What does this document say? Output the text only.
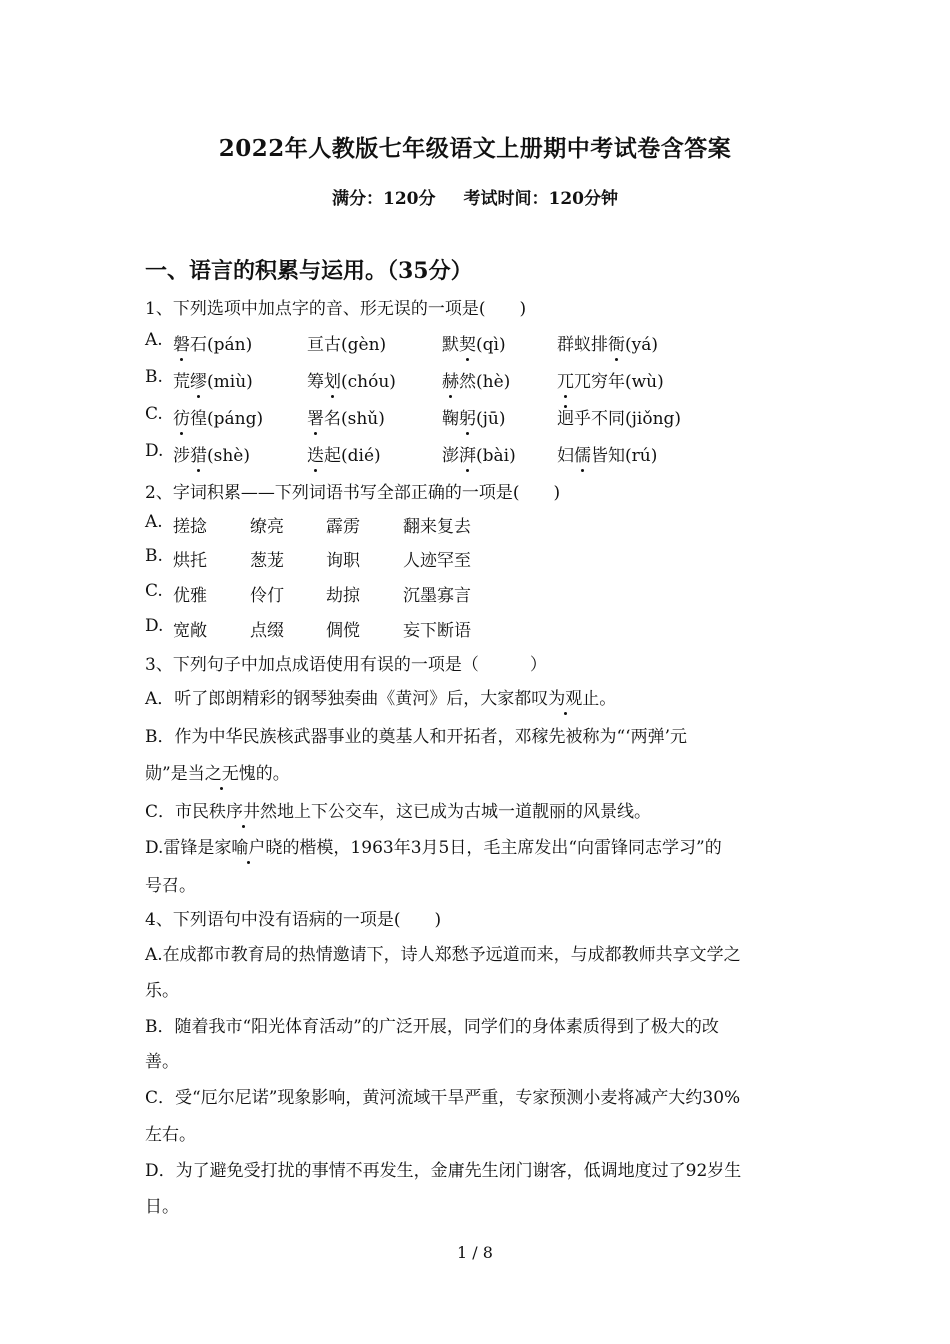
2022年人教版七年级语文上册期中考试卷含答案
满分：120分 考试时间：120分钟
一、语言的积累与运用。（35分）
1、下列选项中加点字的音、形无误的一项是(　　)
A. 磐石(pán)	亘古(gèn)	默契(qì)	群蚁排衙(yá)
B. 荒缪(miù)	筹划(chóu)	赫然(hè)	兀兀穷年(wù)
C. 彷徨(páng)	署名(shǔ)	鞠躬(jū)	迥乎不同(jiǒng)
D. 涉猎(shè)	迭起(dié)	澎湃(bài) 妇儒皆知(rú)
2、字词积累——下列词语书写全部正确的一项是(　　)
A. 搓捻	缭亮 霹雳	翻来复去
B. 烘托	葱茏 询职	人迹罕至
C. 优雅	伶仃 劫掠	沉墨寡言
D. 宽敞	点缀 倜傥	妄下断语
3、下列句子中加点成语使用有误的一项是（　　　）
A．听了郎朗精彩的钢琴独奏曲《黄河》后，大家都叹为观止。
B．作为中华民族核武器事业的奠基人和开拓者，邓稼先被称为“‘两弹’元
勋”是当之无愧的。
C．市民秩序井然地上下公交车，这已成为古城一道靓丽的风景线。
D.雷锋是家喻户晓的楷模，1963年3月5日，毛主席发出“向雷锋同志学习”的
号召。
4、下列语句中没有语病的一项是(　　)
A.在成都市教育局的热情邀请下，诗人郑愁予远道而来，与成都教师共享文学之
乐。
B．随着我市“阳光体育活动”的广泛开展，同学们的身体素质得到了极大的改
善。
C．受“厄尔尼诺”现象影响，黄河流域干旱严重，专家预测小麦将减产大约30%
左右。
D．为了避免受打扰的事情不再发生，金庸先生闭门谢客，低调地度过了92岁生
日。
1 / 8
